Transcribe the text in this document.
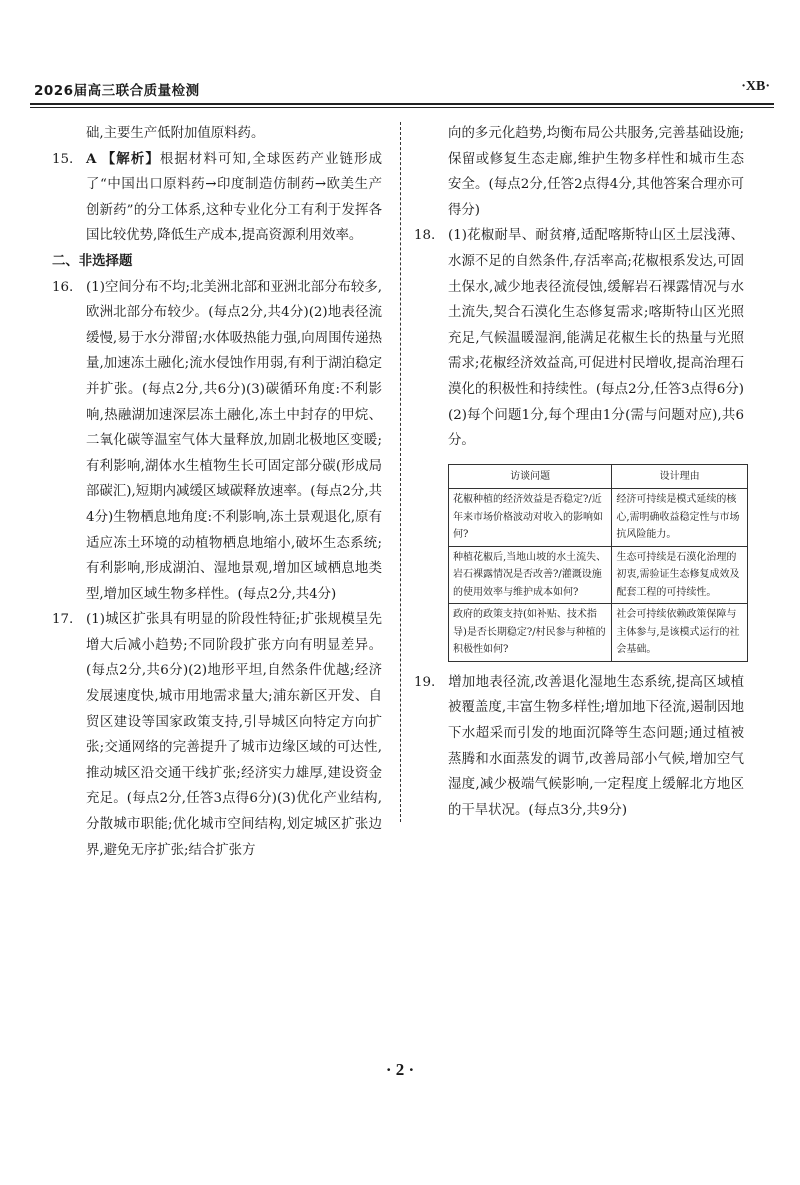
2026届高三联合质量检测	·XB·

础,主要生产低附加值原料药。

15. A 【解析】根据材料可知,全球医药产业链形成了“中国出口原料药→印度制造仿制药→欧美生产创新药”的分工体系,这种专业化分工有利于发挥各国比较优势,降低生产成本,提高资源利用效率。

二、非选择题

16. (1)空间分布不均;北美洲北部和亚洲北部分布较多,欧洲北部分布较少。(每点2分,共4分)(2)地表径流缓慢,易于水分滞留;水体吸热能力强,向周围传递热量,加速冻土融化;流水侵蚀作用弱,有利于湖泊稳定并扩张。(每点2分,共6分)(3)碳循环角度:不利影响,热融湖加速深层冻土融化,冻土中封存的甲烷、二氧化碳等温室气体大量释放,加剧北极地区变暖;有利影响,湖体水生植物生长可固定部分碳(形成局部碳汇),短期内减缓区域碳释放速率。(每点2分,共4分)生物栖息地角度:不利影响,冻土景观退化,原有适应冻土环境的动植物栖息地缩小,破坏生态系统;有利影响,形成湖泊、湿地景观,增加区域栖息地类型,增加区域生物多样性。(每点2分,共4分)

17. (1)城区扩张具有明显的阶段性特征;扩张规模呈先增大后减小趋势;不同阶段扩张方向有明显差异。(每点2分,共6分)(2)地形平坦,自然条件优越;经济发展速度快,城市用地需求量大;浦东新区开发、自贸区建设等国家政策支持,引导城区向特定方向扩张;交通网络的完善提升了城市边缘区域的可达性,推动城区沿交通干线扩张;经济实力雄厚,建设资金充足。(每点2分,任答3点得6分)(3)优化产业结构,分散城市职能;优化城市空间结构,划定城区扩张边界,避免无序扩张;结合扩张方

向的多元化趋势,均衡布局公共服务,完善基础设施;保留或修复生态走廊,维护生物多样性和城市生态安全。(每点2分,任答2点得4分,其他答案合理亦可得分)

18. (1)花椒耐旱、耐贫瘠,适配喀斯特山区土层浅薄、水源不足的自然条件,存活率高;花椒根系发达,可固土保水,减少地表径流侵蚀,缓解岩石裸露情况与水土流失,契合石漠化生态修复需求;喀斯特山区光照充足,气候温暖湿润,能满足花椒生长的热量与光照需求;花椒经济效益高,可促进村民增收,提高治理石漠化的积极性和持续性。(每点2分,任答3点得6分)(2)每个问题1分,每个理由1分(需与问题对应),共6分。

访谈问题	设计理由
花椒种植的经济效益是否稳定?/近年来市场价格波动对收入的影响如何?	经济可持续是模式延续的核心,需明确收益稳定性与市场抗风险能力。
种植花椒后,当地山坡的水土流失、岩石裸露情况是否改善?/灌溉设施的使用效率与维护成本如何?	生态可持续是石漠化治理的初衷,需验证生态修复成效及配套工程的可持续性。
政府的政策支持(如补贴、技术指导)是否长期稳定?/村民参与种植的积极性如何?	社会可持续依赖政策保障与主体参与,是该模式运行的社会基础。

19. 增加地表径流,改善退化湿地生态系统,提高区域植被覆盖度,丰富生物多样性;增加地下径流,遏制因地下水超采而引发的地面沉降等生态问题;通过植被蒸腾和水面蒸发的调节,改善局部小气候,增加空气湿度,减少极端气候影响,一定程度上缓解北方地区的干旱状况。(每点3分,共9分)

· 2 ·
